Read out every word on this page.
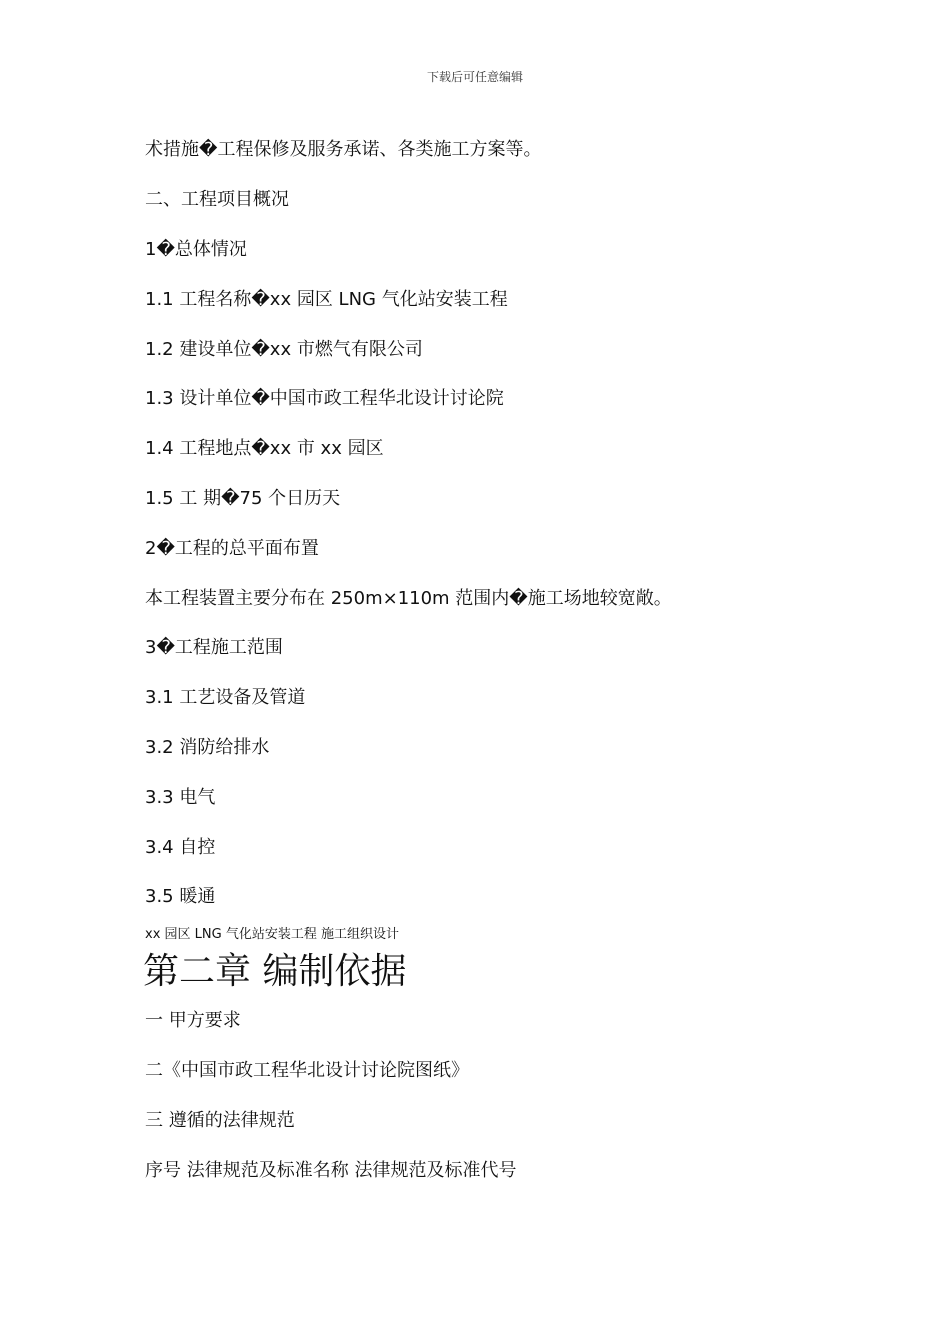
下载后可任意编辑
术措施�工程保修及服务承诺、各类施工方案等。
二、工程项目概况
1�总体情况
1.1 工程名称�xx 园区 LNG 气化站安装工程
1.2 建设单位�xx 市燃气有限公司
1.3 设计单位�中国市政工程华北设计讨论院
1.4 工程地点�xx 市 xx 园区
1.5 工 期�75 个日历天
2�工程的总平面布置
本工程装置主要分布在 250m×110m 范围内�施工场地较宽敞。
3�工程施工范围
3.1 工艺设备及管道
3.2 消防给排水
3.3 电气
3.4 自控
3.5 暖通
xx 园区 LNG 气化站安装工程 施工组织设计
第二章 编制依据
一 甲方要求
二《中国市政工程华北设计讨论院图纸》
三 遵循的法律规范
序号 法律规范及标准名称 法律规范及标准代号
